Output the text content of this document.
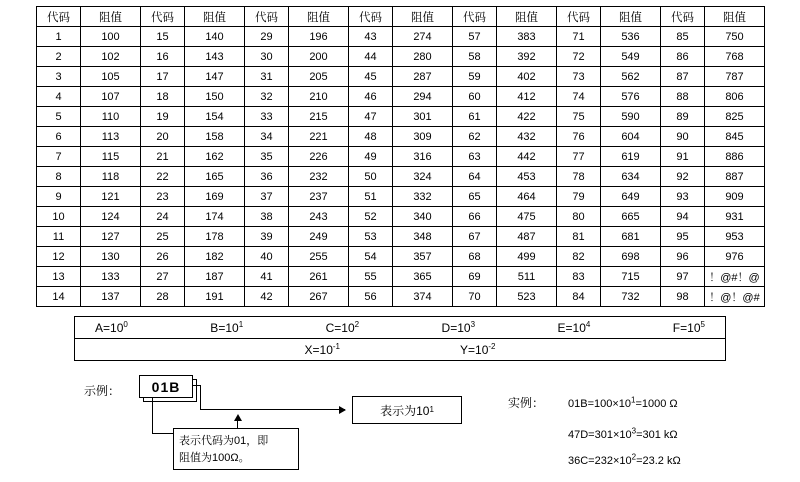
代码	阻值	代码	阻值	代码	阻值	代码	阻值	代码	阻值	代码	阻值	代码	阻值
1	100	15	140	29	196	43	274	57	383	71	536	85	750
2	102	16	143	30	200	44	280	58	392	72	549	86	768
3	105	17	147	31	205	45	287	59	402	73	562	87	787
4	107	18	150	32	210	46	294	60	412	74	576	88	806
5	110	19	154	33	215	47	301	61	422	75	590	89	825
6	113	20	158	34	221	48	309	62	432	76	604	90	845
7	115	21	162	35	226	49	316	63	442	77	619	91	886
8	118	22	165	36	232	50	324	64	453	78	634	92	887
9	121	23	169	37	237	51	332	65	464	79	649	93	909
10	124	24	174	38	243	52	340	66	475	80	665	94	931
11	127	25	178	39	249	53	348	67	487	81	681	95	953
12	130	26	182	40	255	54	357	68	499	82	698	96	976
13	133	27	187	41	261	55	365	69	511	83	715	97	！@#！@
14	137	28	191	42	267	56	374	70	523	84	732	98	！@！@#
$A=10^0$	$B=10^1$	$C=10^2$	$D=10^3$	$E=10^4$	$F=10^5$

$X=10^{-1}$	$Y=10^{-2}$
示例：	01B
表示代码为01，即
阻值为100Ω。
表示为10 1	实例： $01B=100\times 10^1=1000$ Ω
$47D=301\times 10^3=301$ kΩ
$36C=232\times 10^2=23.2$ kΩ
